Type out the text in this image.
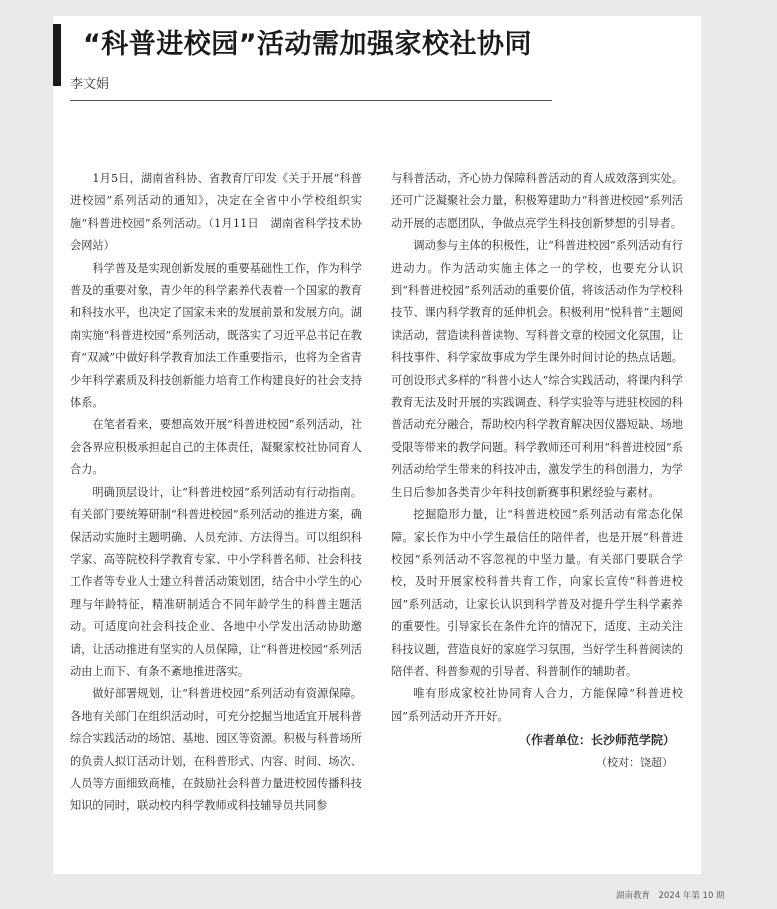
“科普进校园”活动需加强家校社协同
李文娟

1月5日，湖南省科协、省教育厅印发《关于开展“科普进校园”系列活动的通知》，决定在全省中小学校组织实施“科普进校园”系列活动。（1月11日　湖南省科学技术协会网站）

科学普及是实现创新发展的重要基础性工作，作为科学普及的重要对象，青少年的科学素养代表着一个国家的教育和科技水平，也决定了国家未来的发展前景和发展方向。湖南实施“科普进校园”系列活动，既落实了习近平总书记在教育“双减”中做好科学教育加法工作重要指示，也将为全省青少年科学素质及科技创新能力培育工作构建良好的社会支持体系。

在笔者看来，要想高效开展“科普进校园”系列活动，社会各界应积极承担起自己的主体责任，凝聚家校社协同育人合力。

明确顶层设计，让“科普进校园”系列活动有行动指南。有关部门要统筹研制“科普进校园”系列活动的推进方案，确保活动实施时主题明确、人员充沛、方法得当。可以组织科学家、高等院校科学教育专家、中小学科普名师、社会科技工作者等专业人士建立科普活动策划团，结合中小学生的心理与年龄特征，精准研制适合不同年龄学生的科普主题活动。可适度向社会科技企业、各地中小学发出活动协助邀请，让活动推进有坚实的人员保障，让“科普进校园”系列活动由上而下、有条不紊地推进落实。

做好部署规划，让“科普进校园”系列活动有资源保障。各地有关部门在组织活动时，可充分挖掘当地适宜开展科普综合实践活动的场馆、基地、园区等资源。积极与科普场所的负责人拟订活动计划，在科普形式、内容、时间、场次、人员等方面细致商榷，在鼓励社会科普力量进校园传播科技知识的同时，联动校内科学教师或科技辅导员共同参

与科普活动，齐心协力保障科普活动的育人成效落到实处。还可广泛凝聚社会力量，积极筹建助力“科普进校园”系列活动开展的志愿团队，争做点亮学生科技创新梦想的引导者。

调动参与主体的积极性，让“科普进校园”系列活动有行进动力。作为活动实施主体之一的学校，也要充分认识到“科普进校园”系列活动的重要价值，将该活动作为学校科技节、课内科学教育的延伸机会。积极利用“悦科普”主题阅读活动，营造读科普读物、写科普文章的校园文化氛围，让科技事件、科学家故事成为学生课外时间讨论的热点话题。可创设形式多样的“科普小达人”综合实践活动，将课内科学教育无法及时开展的实践调查、科学实验等与进驻校园的科普活动充分融合，帮助校内科学教育解决因仪器短缺、场地受限等带来的教学问题。科学教师还可利用“科普进校园”系列活动给学生带来的科技冲击，激发学生的科创潜力，为学生日后参加各类青少年科技创新赛事积累经验与素材。

挖掘隐形力量，让“科普进校园”系列活动有常态化保障。家长作为中小学生最信任的陪伴者，也是开展“科普进校园”系列活动不容忽视的中坚力量。有关部门要联合学校，及时开展家校科普共育工作，向家长宣传“科普进校园”系列活动，让家长认识到科学普及对提升学生科学素养的重要性。引导家长在条件允许的情况下，适度、主动关注科技议题，营造良好的家庭学习氛围，当好学生科普阅读的陪伴者、科普参观的引导者、科普制作的辅助者。

唯有形成家校社协同育人合力，方能保障“科普进校园”系列活动开齐开好。

（作者单位：长沙师范学院）

（校对：饶超）

湖南教育　2024 年第 10 期
